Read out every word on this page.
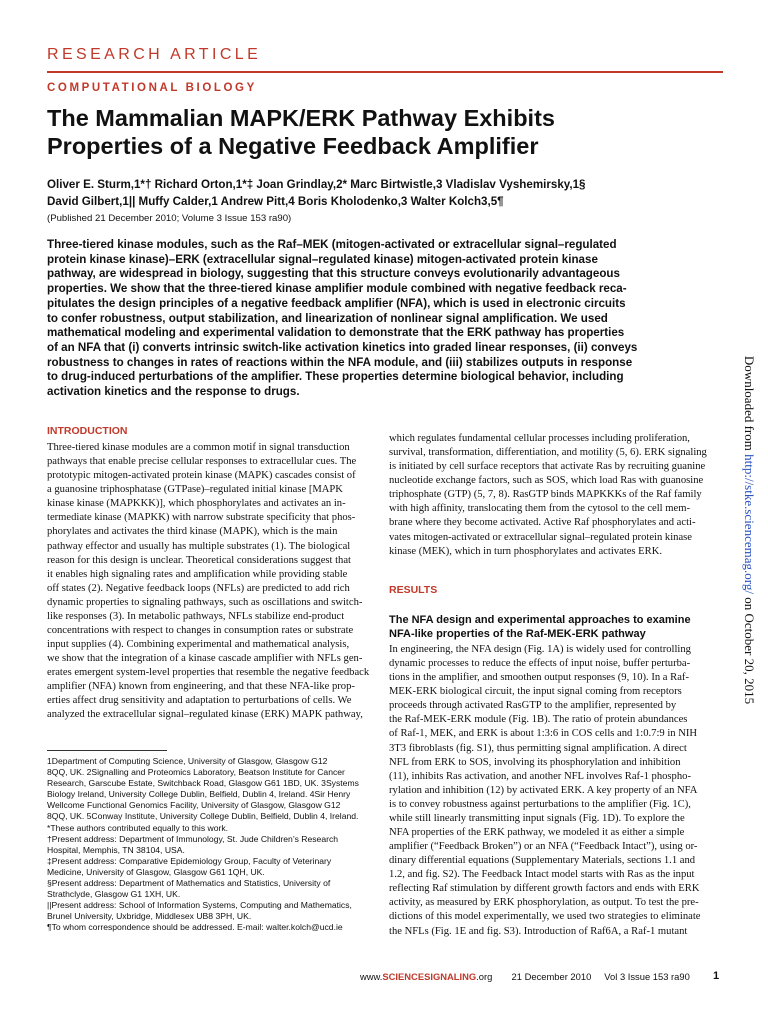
RESEARCH ARTICLE
COMPUTATIONAL BIOLOGY
The Mammalian MAPK/ERK Pathway Exhibits
Properties of a Negative Feedback Amplifier
Oliver E. Sturm,1*† Richard Orton,1*‡ Joan Grindlay,2* Marc Birtwistle,3 Vladislav Vyshemirsky,1§
David Gilbert,1|| Muffy Calder,1 Andrew Pitt,4 Boris Kholodenko,3 Walter Kolch3,5¶
(Published 21 December 2010; Volume 3 Issue 153 ra90)
Three-tiered kinase modules, such as the Raf–MEK (mitogen-activated or extracellular signal–regulated
protein kinase kinase)–ERK (extracellular signal–regulated kinase) mitogen-activated protein kinase
pathway, are widespread in biology, suggesting that this structure conveys evolutionarily advantageous
properties. We show that the three-tiered kinase amplifier module combined with negative feedback reca-
pitulates the design principles of a negative feedback amplifier (NFA), which is used in electronic circuits
to confer robustness, output stabilization, and linearization of nonlinear signal amplification. We used
mathematical modeling and experimental validation to demonstrate that the ERK pathway has properties
of an NFA that (i) converts intrinsic switch-like activation kinetics into graded linear responses, (ii) conveys
robustness to changes in rates of reactions within the NFA module, and (iii) stabilizes outputs in response
to drug-induced perturbations of the amplifier. These properties determine biological behavior, including
activation kinetics and the response to drugs.
INTRODUCTION
Three-tiered kinase modules are a common motif in signal transduction
pathways that enable precise cellular responses to extracellular cues. The
prototypic mitogen-activated protein kinase (MAPK) cascades consist of
a guanosine triphosphatase (GTPase)–regulated initial kinase [MAPK
kinase kinase (MAPKKK)], which phosphorylates and activates an in-
termediate kinase (MAPKK) with narrow substrate specificity that phos-
phorylates and activates the third kinase (MAPK), which is the main
pathway effector and usually has multiple substrates (1). The biological
reason for this design is unclear. Theoretical considerations suggest that
it enables high signaling rates and amplification while providing stable
off states (2). Negative feedback loops (NFLs) are predicted to add rich
dynamic properties to signaling pathways, such as oscillations and switch-
like responses (3). In metabolic pathways, NFLs stabilize end-product
concentrations with respect to changes in consumption rates or substrate
input supplies (4). Combining experimental and mathematical analysis,
we show that the integration of a kinase cascade amplifier with NFLs gen-
erates emergent system-level properties that resemble the negative feedback
amplifier (NFA) known from engineering, and that these NFA-like prop-
erties affect drug sensitivity and adaptation to perturbations of cells. We
analyzed the extracellular signal–regulated kinase (ERK) MAPK pathway,
1Department of Computing Science, University of Glasgow, Glasgow G12
8QQ, UK. 2Signalling and Proteomics Laboratory, Beatson Institute for Cancer
Research, Garscube Estate, Switchback Road, Glasgow G61 1BD, UK. 3Systems
Biology Ireland, University College Dublin, Belfield, Dublin 4, Ireland. 4Sir Henry
Wellcome Functional Genomics Facility, University of Glasgow, Glasgow G12
8QQ, UK. 5Conway Institute, University College Dublin, Belfield, Dublin 4, Ireland.
*These authors contributed equally to this work.
†Present address: Department of Immunology, St. Jude Children’s Research
Hospital, Memphis, TN 38104, USA.
‡Present address: Comparative Epidemiology Group, Faculty of Veterinary
Medicine, University of Glasgow, Glasgow G61 1QH, UK.
§Present address: Department of Mathematics and Statistics, University of
Strathclyde, Glasgow G1 1XH, UK.
||Present address: School of Information Systems, Computing and Mathematics,
Brunel University, Uxbridge, Middlesex UB8 3PH, UK.
¶To whom correspondence should be addressed. E-mail: walter.kolch@ucd.ie
which regulates fundamental cellular processes including proliferation,
survival, transformation, differentiation, and motility (5, 6). ERK signaling
is initiated by cell surface receptors that activate Ras by recruiting guanine
nucleotide exchange factors, such as SOS, which load Ras with guanosine
triphosphate (GTP) (5, 7, 8). RasGTP binds MAPKKKs of the Raf family
with high affinity, translocating them from the cytosol to the cell mem-
brane where they become activated. Active Raf phosphorylates and acti-
vates mitogen-activated or extracellular signal–regulated protein kinase
kinase (MEK), which in turn phosphorylates and activates ERK.
RESULTS
The NFA design and experimental approaches to examine
NFA-like properties of the Raf-MEK-ERK pathway
In engineering, the NFA design (Fig. 1A) is widely used for controlling
dynamic processes to reduce the effects of input noise, buffer perturba-
tions in the amplifier, and smoothen output responses (9, 10). In a Raf-
MEK-ERK biological circuit, the input signal coming from receptors
proceeds through activated RasGTP to the amplifier, represented by
the Raf-MEK-ERK module (Fig. 1B). The ratio of protein abundances
of Raf-1, MEK, and ERK is about 1:3:6 in COS cells and 1:0.7:9 in NIH
3T3 fibroblasts (fig. S1), thus permitting signal amplification. A direct
NFL from ERK to SOS, involving its phosphorylation and inhibition
(11), inhibits Ras activation, and another NFL involves Raf-1 phospho-
rylation and inhibition (12) by activated ERK. A key property of an NFA
is to convey robustness against perturbations to the amplifier (Fig. 1C),
while still linearly transmitting input signals (Fig. 1D). To explore the
NFA properties of the ERK pathway, we modeled it as either a simple
amplifier (“Feedback Broken”) or an NFA (“Feedback Intact”), using or-
dinary differential equations (Supplementary Materials, sections 1.1 and
1.2, and fig. S2). The Feedback Intact model starts with Ras as the input
reflecting Raf stimulation by different growth factors and ends with ERK
activity, as measured by ERK phosphorylation, as output. To test the pre-
dictions of this model experimentally, we used two strategies to eliminate
the NFLs (Fig. 1E and fig. S3). Introduction of Raf6A, a Raf-1 mutant
Downloaded from http://stke.sciencemag.org/ on October 20, 2015
www.SCIENCESIGNALING.org 21 December 2010     Vol 3 Issue 153 ra90 1
